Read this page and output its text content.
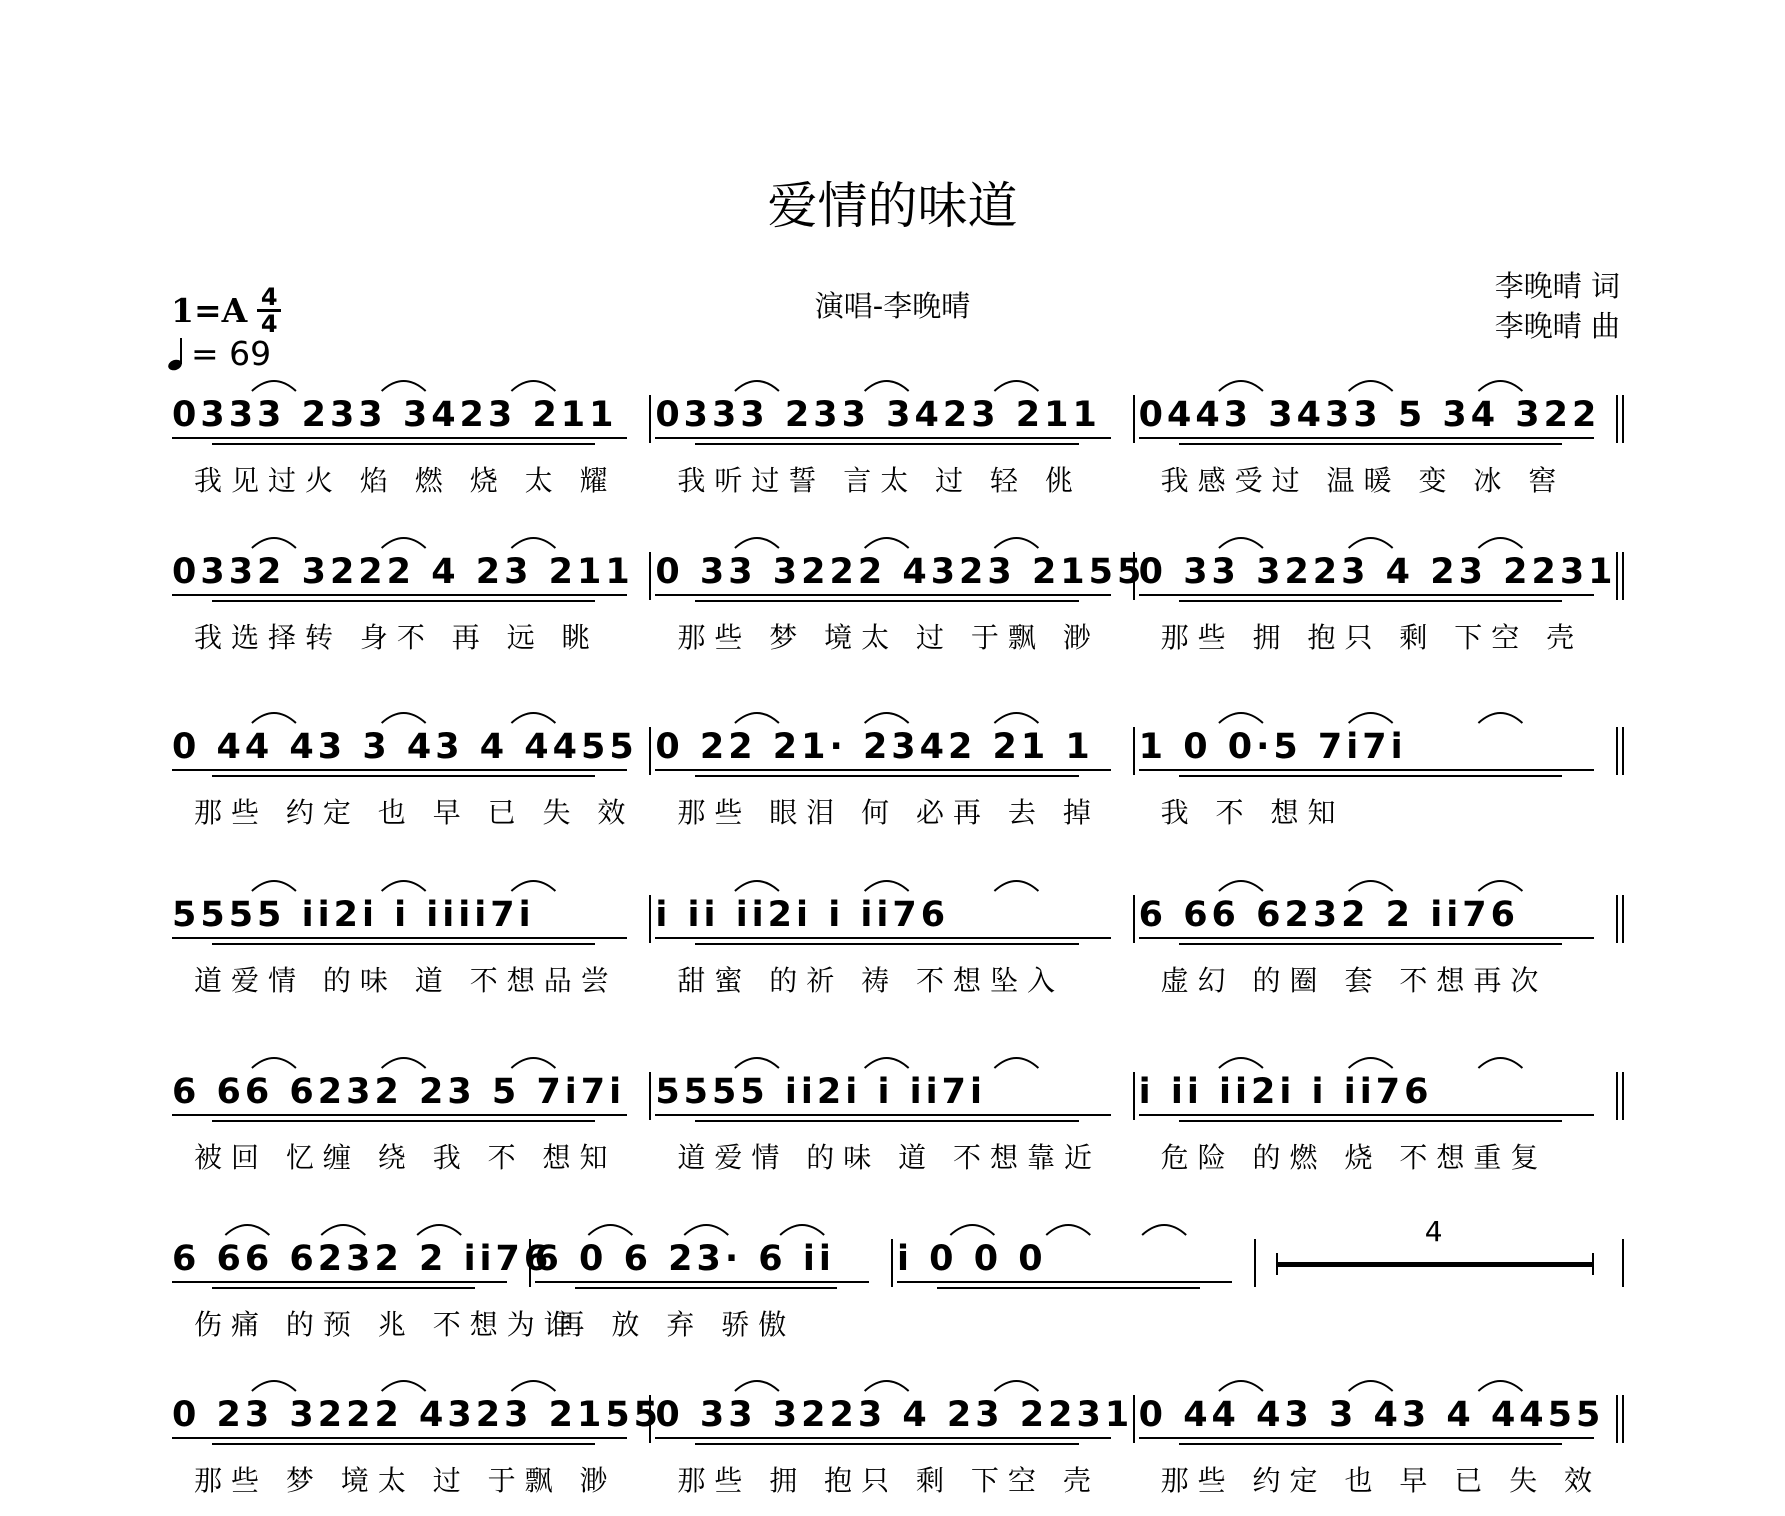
爱情的味道
演唱-李晚晴
李晚晴 词
李晚晴 曲
1=A 4
4
= 69
0333 233 3423 211
我见过火 焰 燃 烧 太 耀
0333 233 3423 211
我听过誓 言太 过 轻 佻
0443 3433 5 34 322
我感受过 温暖 变 冰 窖
0332 3222 4 23 211
我选择转 身不 再 远 眺
0 33 3222 4323 2155
那些 梦 境太 过 于飘 渺
0 33 3223 4 23 2231
那些 拥 抱只 剩 下空 壳
0 44 43 3 43 4 4455
那些 约定 也 早 已 失 效
0 22 21· 2342 21 1
那些 眼泪 何 必再 去 掉
1 0 0·5 7i7i
我 不 想知
5555 ii2i i iiii7i
道爱情 的味 道 不想品尝
i ii ii2i i ii76
甜蜜 的祈 祷 不想坠入
6 66 6232 2 ii76
虚幻 的圈 套 不想再次
6 66 6232 23 5 7i7i
被回 忆缠 绕 我 不 想知
5555 ii2i i ii7i
道爱情 的味 道 不想靠近
i ii ii2i i ii76
危险 的燃 烧 不想重复
6 66 6232 2 ii76
伤痛 的预 兆 不想为谁
6 0 6 23· 6 ii
再 放 弃 骄傲
i 0 0 0
4
0 23 3222 4323 2155
那些 梦 境太 过 于飘 渺
0 33 3223 4 23 2231
那些 拥 抱只 剩 下空 壳
0 44 43 3 43 4 4455
那些 约定 也 早 已 失 效
